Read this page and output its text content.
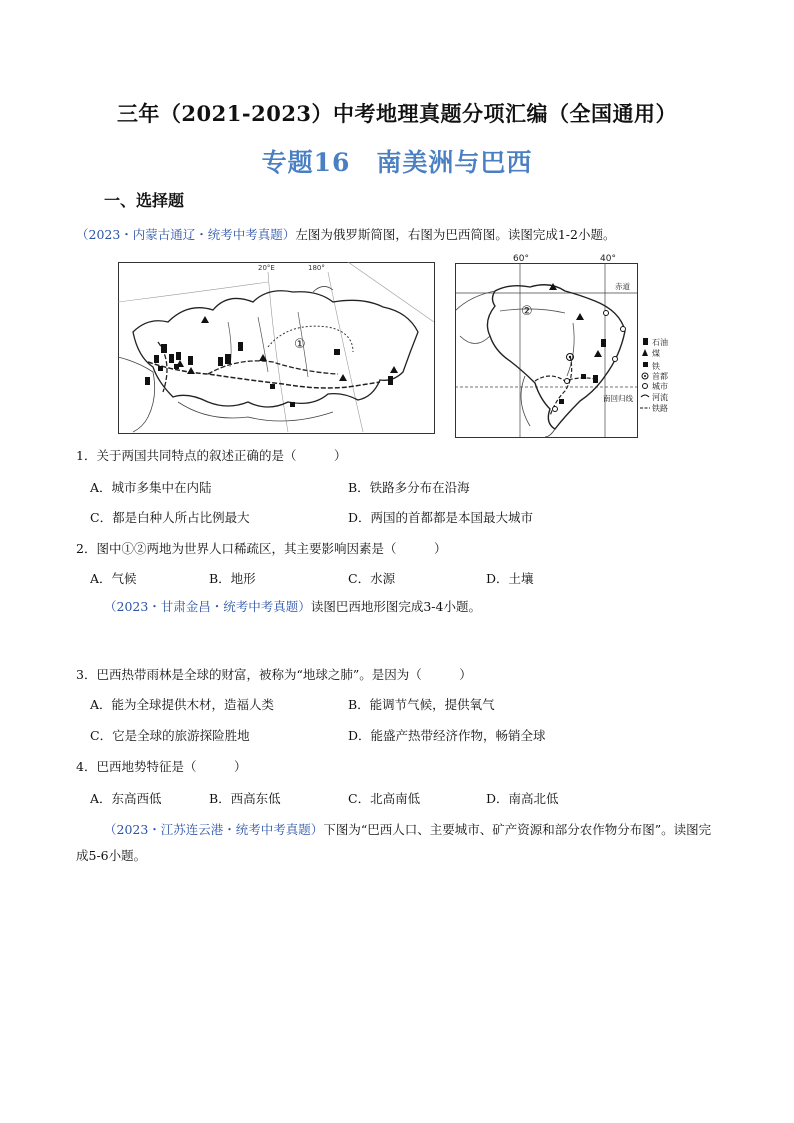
三年（2021-2023）中考地理真题分项汇编（全国通用）
专题16　南美洲与巴西
一、选择题
（2023・内蒙古通辽・统考中考真题）左图为俄罗斯简图，右图为巴西简图。读图完成1-2小题。
20°E	180°
①
60°	40°
赤道
南回归线
②
石油
煤
铁
首都
城市
河流
铁路
1．关于两国共同特点的叙述正确的是（　　　）
A．城市多集中在内陆	B．铁路多分布在沿海
C．都是白种人所占比例最大	D．两国的首都都是本国最大城市
2．图中①②两地为世界人口稀疏区，其主要影响因素是（　　　）
A．气候	B．地形	C．水源	D．土壤
（2023・甘肃金昌・统考中考真题）读图巴西地形图完成3-4小题。
3．巴西热带雨林是全球的财富，被称为“地球之肺”。是因为（　　　）
A．能为全球提供木材，造福人类	B．能调节气候，提供氧气
C．它是全球的旅游探险胜地	D．能盛产热带经济作物，畅销全球
4．巴西地势特征是（　　　）
A．东高西低	B．西高东低	C．北高南低	D．南高北低
（2023・江苏连云港・统考中考真题）下图为“巴西人口、主要城市、矿产资源和部分农作物分布图”。读图完成5-6小题。
